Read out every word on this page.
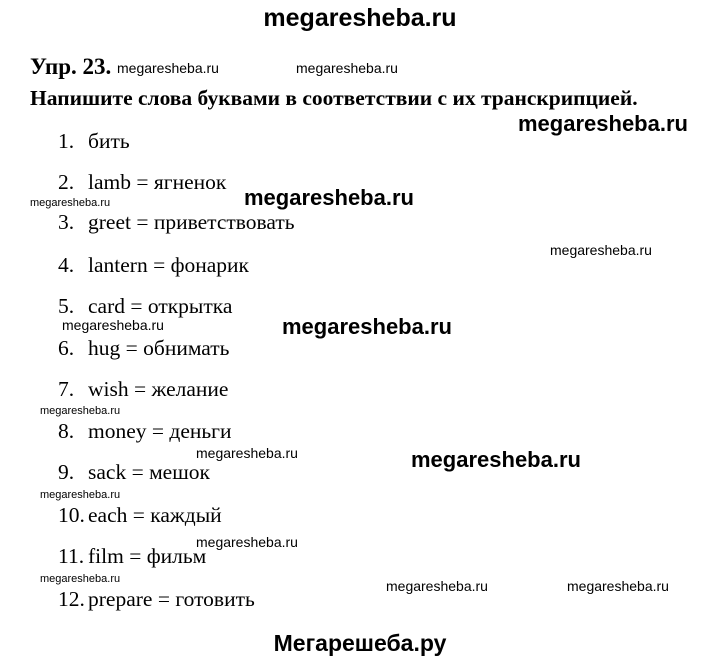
megaresheba.ru
Упр. 23. megaresheba.ru	megaresheba.ru
Напишите слова буквами в соответствии с их транскрипцией.
megaresheba.ru
1. бить
2. lamb = ягненок
megaresheba.ru
megaresheba.ru
3. greet = приветствовать
megaresheba.ru
4. lantern = фонарик
5. card = открытка
megaresheba.ru	megaresheba.ru
6. hug = обнимать
7. wish = желание
megaresheba.ru
8. money = деньги
megaresheba.ru	megaresheba.ru
9. sack = мешок
megaresheba.ru
10. each = каждый
megaresheba.ru
11. film = фильм
megaresheba.ru	megaresheba.ru	megaresheba.ru
12. prepare = готовить
Мегарешеба.ру
